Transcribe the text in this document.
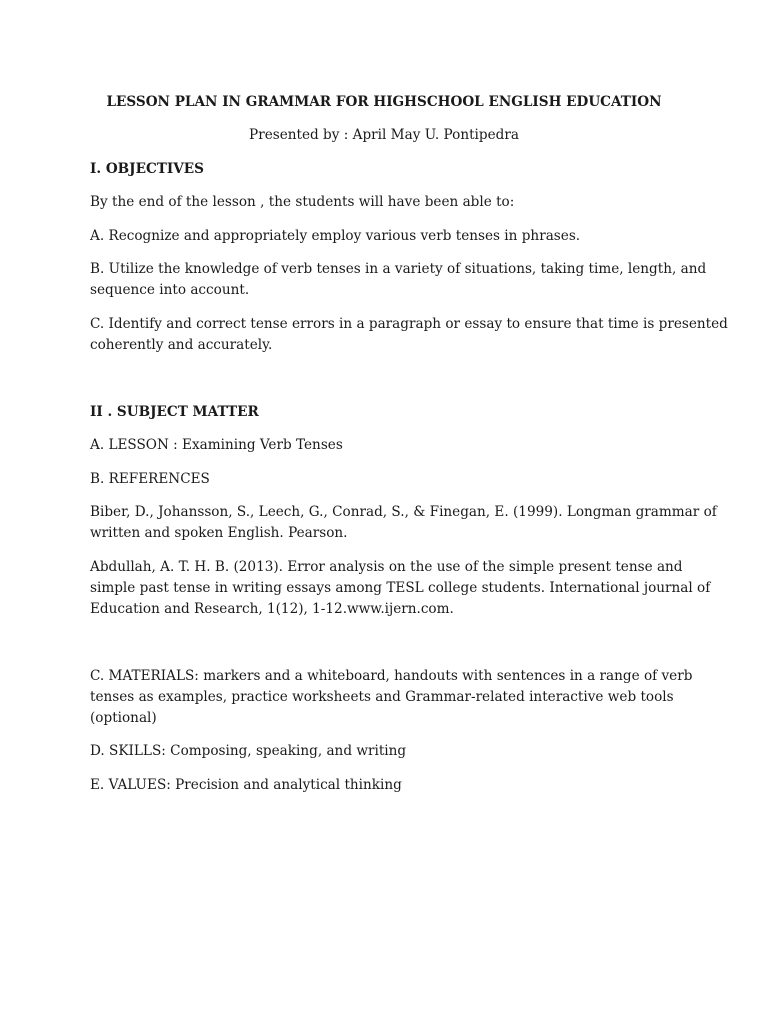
LESSON PLAN IN GRAMMAR FOR HIGHSCHOOL ENGLISH EDUCATION

Presented by : April May U. Pontipedra

I. OBJECTIVES

By the end of the lesson , the students will have been able to:

A. Recognize and appropriately employ various verb tenses in phrases.

B. Utilize the knowledge of verb tenses in a variety of situations, taking time, length, and

sequence into account.

C. Identify and correct tense errors in a paragraph or essay to ensure that time is presented

coherently and accurately.

II . SUBJECT MATTER

A. LESSON : Examining Verb Tenses

B. REFERENCES

Biber, D., Johansson, S., Leech, G., Conrad, S., & Finegan, E. (1999). Longman grammar of

written and spoken English. Pearson.

Abdullah, A. T. H. B. (2013). Error analysis on the use of the simple present tense and

simple past tense in writing essays among TESL college students. International journal of

Education and Research, 1(12), 1-12.www.ijern.com.

C. MATERIALS: markers and a whiteboard, handouts with sentences in a range of verb

tenses as examples, practice worksheets and Grammar-related interactive web tools

(optional)

D. SKILLS: Composing, speaking, and writing

E. VALUES: Precision and analytical thinking
